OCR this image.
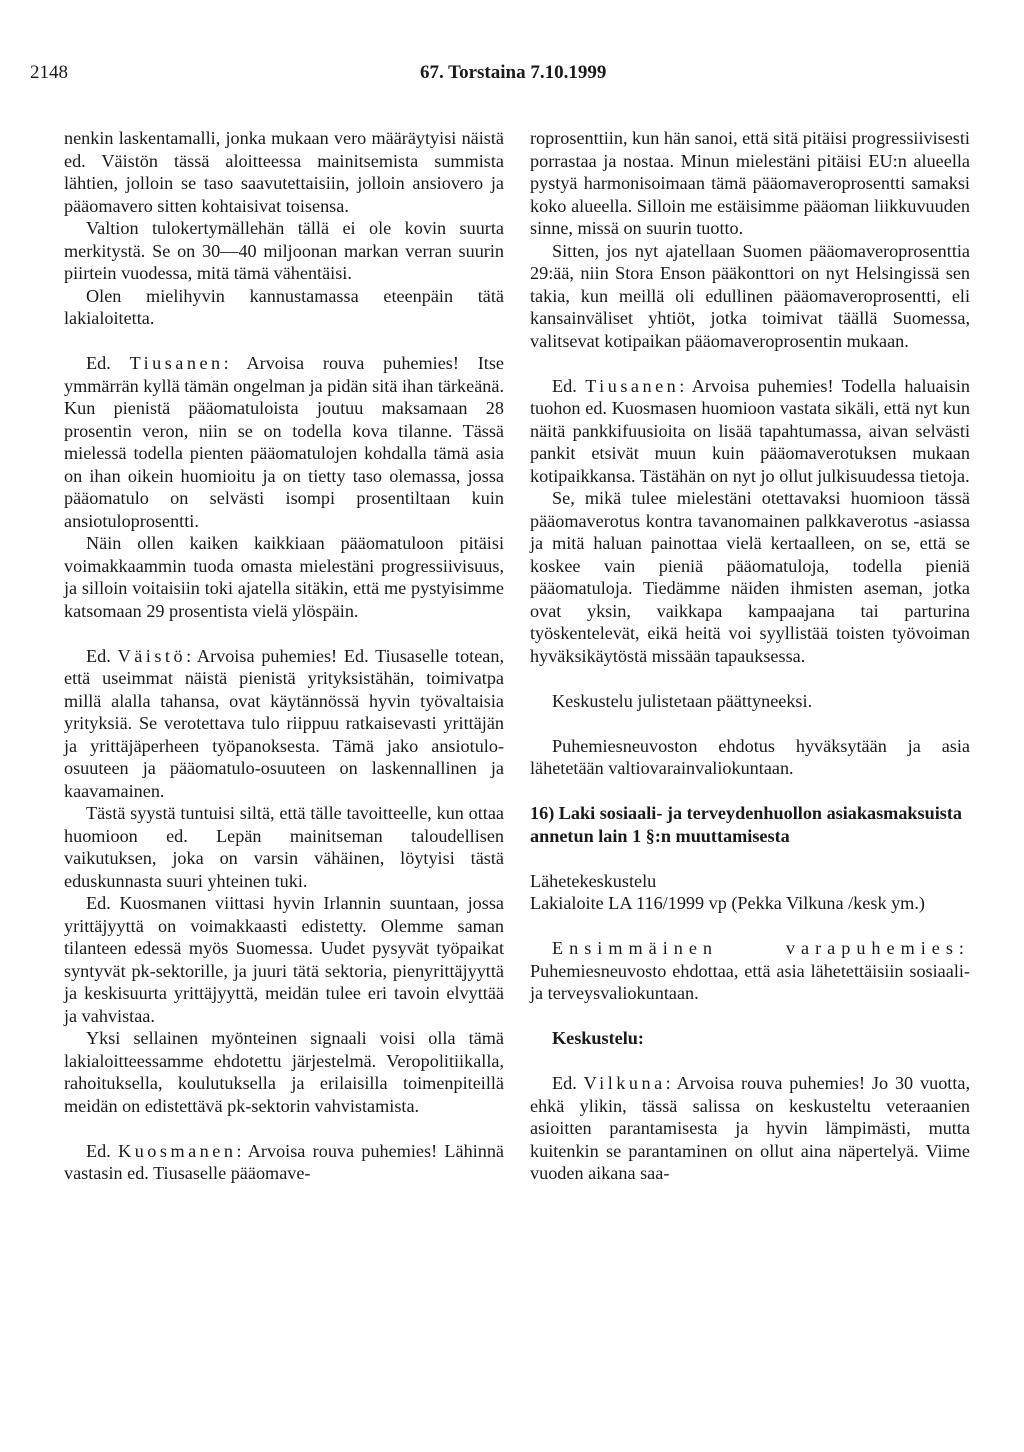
2148	67. Torstaina 7.10.1999

nenkin laskentamalli, jonka mukaan vero määräytyisi näistä ed. Väistön tässä aloitteessa mainitsemista summista lähtien, jolloin se taso saavutettaisiin, jolloin ansiovero ja pääomavero sitten kohtaisivat toisensa.

Valtion tulokertymällehän tällä ei ole kovin suurta merkitystä. Se on 30—40 miljoonan markan verran suurin piirtein vuodessa, mitä tämä vähentäisi.

Olen mielihyvin kannustamassa eteenpäin tätä lakialoitetta.

Ed. Tiusanen: Arvoisa rouva puhemies! Itse ymmärrän kyllä tämän ongelman ja pidän sitä ihan tärkeänä. Kun pienistä pääomatuloista joutuu maksamaan 28 prosentin veron, niin se on todella kova tilanne. Tässä mielessä todella pienten pääomatulojen kohdalla tämä asia on ihan oikein huomioitu ja on tietty taso olemassa, jossa pääomatulo on selvästi isompi prosentiltaan kuin ansiotuloprosentti.

Näin ollen kaiken kaikkiaan pääomatuloon pitäisi voimakkaammin tuoda omasta mielestäni progressiivisuus, ja silloin voitaisiin toki ajatella sitäkin, että me pystyisimme katsomaan 29 prosentista vielä ylöspäin.

Ed. Väistö: Arvoisa puhemies! Ed. Tiusaselle totean, että useimmat näistä pienistä yrityksistähän, toimivatpa millä alalla tahansa, ovat käytännössä hyvin työvaltaisia yrityksiä. Se verotettava tulo riippuu ratkaisevasti yrittäjän ja yrittäjäperheen työpanoksesta. Tämä jako ansiotulo-osuuteen ja pääomatulo-osuuteen on laskennallinen ja kaavamainen.

Tästä syystä tuntuisi siltä, että tälle tavoitteelle, kun ottaa huomioon ed. Lepän mainitseman taloudellisen vaikutuksen, joka on varsin vähäinen, löytyisi tästä eduskunnasta suuri yhteinen tuki.

Ed. Kuosmanen viittasi hyvin Irlannin suuntaan, jossa yrittäjyyttä on voimakkaasti edistetty. Olemme saman tilanteen edessä myös Suomessa. Uudet pysyvät työpaikat syntyvät pk-sektorille, ja juuri tätä sektoria, pienyrittäjyyttä ja keskisuurta yrittäjyyttä, meidän tulee eri tavoin elvyttää ja vahvistaa.

Yksi sellainen myönteinen signaali voisi olla tämä lakialoitteessamme ehdotettu järjestelmä. Veropolitiikalla, rahoituksella, koulutuksella ja erilaisilla toimenpiteillä meidän on edistettävä pk-sektorin vahvistamista.

Ed. Kuosmanen: Arvoisa rouva puhemies! Lähinnä vastasin ed. Tiusaselle pääomave-

roprosenttiin, kun hän sanoi, että sitä pitäisi progressiivisesti porrastaa ja nostaa. Minun mielestäni pitäisi EU:n alueella pystyä harmonisoimaan tämä pääomaveroprosentti samaksi koko alueella. Silloin me estäisimme pääoman liikkuvuuden sinne, missä on suurin tuotto.

Sitten, jos nyt ajatellaan Suomen pääomaveroprosenttia 29:ää, niin Stora Enson pääkonttori on nyt Helsingissä sen takia, kun meillä oli edullinen pääomaveroprosentti, eli kansainväliset yhtiöt, jotka toimivat täällä Suomessa, valitsevat kotipaikan pääomaveroprosentin mukaan.

Ed. Tiusanen: Arvoisa puhemies! Todella haluaisin tuohon ed. Kuosmasen huomioon vastata sikäli, että nyt kun näitä pankkifuusioita on lisää tapahtumassa, aivan selvästi pankit etsivät muun kuin pääomaverotuksen mukaan kotipaikkansa. Tästähän on nyt jo ollut julkisuudessa tietoja.

Se, mikä tulee mielestäni otettavaksi huomioon tässä pääomaverotus kontra tavanomainen palkkaverotus -asiassa ja mitä haluan painottaa vielä kertaalleen, on se, että se koskee vain pieniä pääomatuloja, todella pieniä pääomatuloja. Tiedämme näiden ihmisten aseman, jotka ovat yksin, vaikkapa kampaajana tai parturina työskentelevät, eikä heitä voi syyllistää toisten työvoiman hyväksikäytöstä missään tapauksessa.

Keskustelu julistetaan päättyneeksi.

Puhemiesneuvoston ehdotus hyväksytään ja asia lähetetään valtiovarainvaliokuntaan.

16) Laki sosiaali- ja terveydenhuollon asiakasmaksuista annetun lain 1 §:n muuttamisesta

Lähetekeskustelu

Lakialoite LA 116/1999 vp (Pekka Vilkuna /kesk ym.)

Ensimmäinen varapuhemies: Puhemiesneuvosto ehdottaa, että asia lähetettäisiin sosiaali- ja terveysvaliokuntaan.

Keskustelu:

Ed. Vilkuna: Arvoisa rouva puhemies! Jo 30 vuotta, ehkä ylikin, tässä salissa on keskusteltu veteraanien asioitten parantamisesta ja hyvin lämpimästi, mutta kuitenkin se parantaminen on ollut aina näpertelyä. Viime vuoden aikana saa-
